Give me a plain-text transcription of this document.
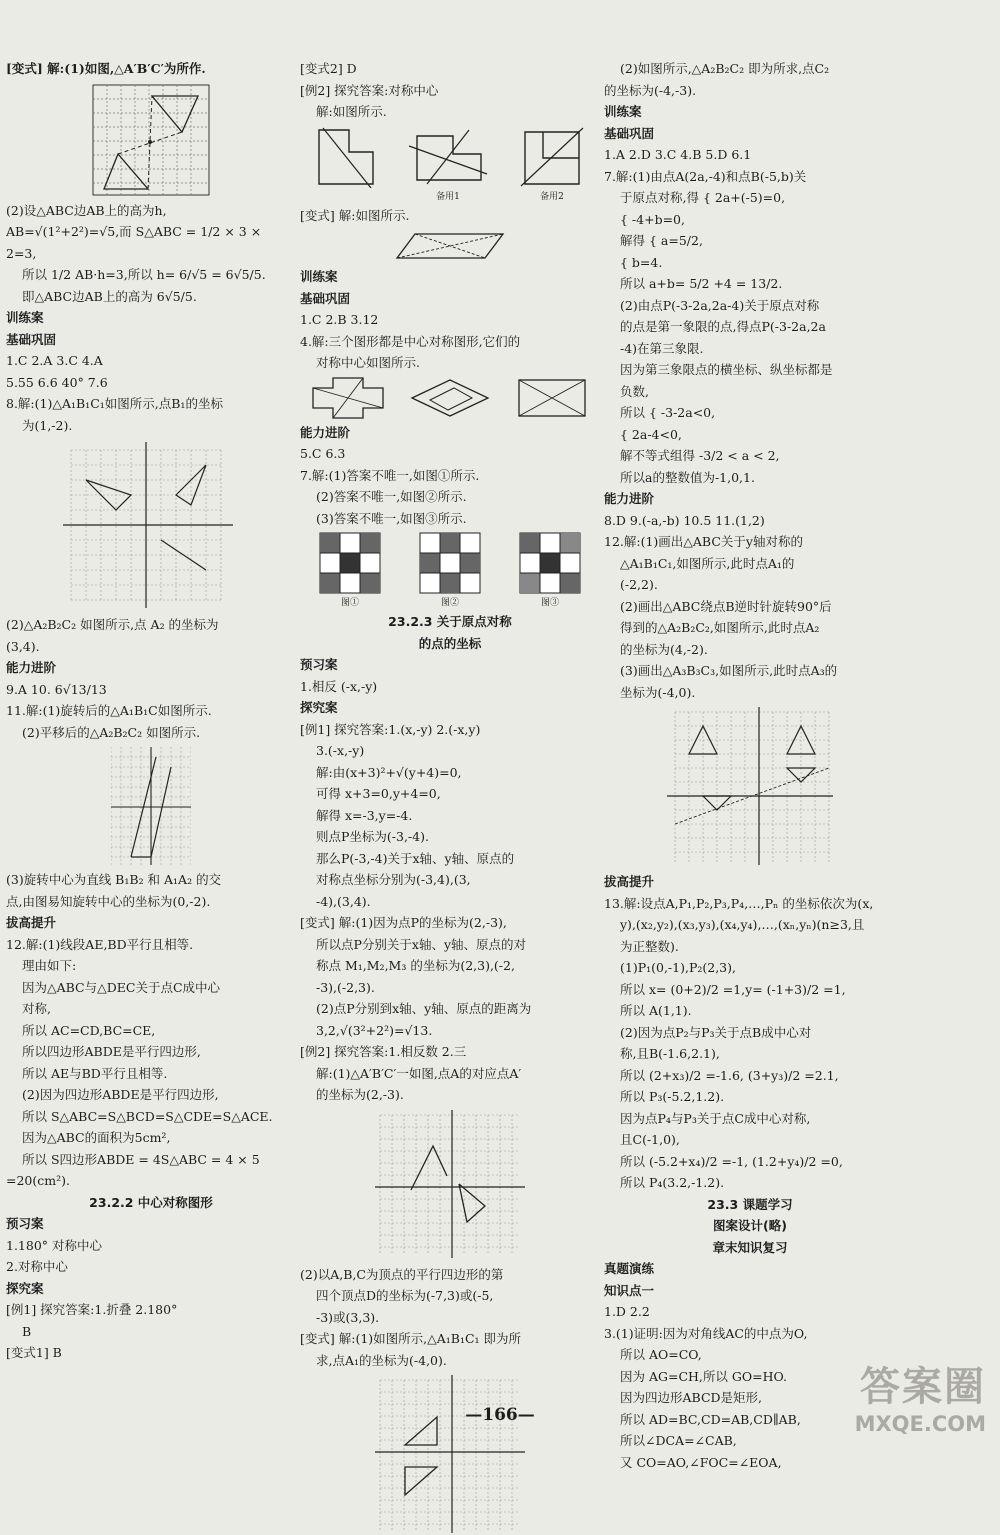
[变式] 解:(1)如图,△A′B′C′为所作.

(2)设△ABC边AB上的高为h,

AB=√(1²+2²)=√5,而 S△ABC = 1/2 × 3 ×

2=3,

所以 1/2 AB·h=3,所以 h= 6/√5 = 6√5/5.

即△ABC边AB上的高为 6√5/5.

训练案

基础巩固

1.C 2.A 3.C 4.A

5.55 6.6 40° 7.6

8.解:(1)△A₁B₁C₁如图所示,点B₁的坐标

为(1,-2).

(2)△A₂B₂C₂ 如图所示,点 A₂ 的坐标为

(3,4).

能力进阶

9.A 10. 6√13/13

11.解:(1)旋转后的△A₁B₁C如图所示.

(2)平移后的△A₂B₂C₂ 如图所示.

(3)旋转中心为直线 B₁B₂ 和 A₁A₂ 的交

点,由图易知旋转中心的坐标为(0,-2).

拔高提升

12.解:(1)线段AE,BD平行且相等.

理由如下:

因为△ABC与△DEC关于点C成中心

对称,

所以 AC=CD,BC=CE,

所以四边形ABDE是平行四边形,

所以 AE与BD平行且相等.

(2)因为四边形ABDE是平行四边形,

所以 S△ABC=S△BCD=S△CDE=S△ACE.

因为△ABC的面积为5cm²,

所以 S四边形ABDE = 4S△ABC = 4 × 5

=20(cm²).

23.2.2 中心对称图形

预习案

1.180° 对称中心

2.对称中心

探究案

[例1] 探究答案:1.折叠 2.180°

B

[变式1] B

[变式2] D

[例2] 探究答案:对称中心

解:如图所示.

备用1	备用2

[变式] 解:如图所示.

训练案

基础巩固

1.C 2.B 3.12

4.解:三个图形都是中心对称图形,它们的

对称中心如图所示.

能力进阶

5.C 6.3

7.解:(1)答案不唯一,如图①所示.

(2)答案不唯一,如图②所示.

(3)答案不唯一,如图③所示.

图①	图②	图③

23.2.3 关于原点对称

的点的坐标

预习案

1.相反 (-x,-y)

探究案

[例1] 探究答案:1.(x,-y) 2.(-x,y)

3.(-x,-y)

解:由(x+3)²+√(y+4)=0,

可得 x+3=0,y+4=0,

解得 x=-3,y=-4.

则点P坐标为(-3,-4).

那么P(-3,-4)关于x轴、y轴、原点的

对称点坐标分别为(-3,4),(3,

-4),(3,4).

[变式] 解:(1)因为点P的坐标为(2,-3),

所以点P分别关于x轴、y轴、原点的对

称点 M₁,M₂,M₃ 的坐标为(2,3),(-2,

-3),(-2,3).

(2)点P分别到x轴、y轴、原点的距离为

3,2,√(3²+2²)=√13.

[例2] 探究答案:1.相反数 2.三

解:(1)△A′B′C′一如图,点A的对应点A′

的坐标为(2,-3).

(2)以A,B,C为顶点的平行四边形的第

四个顶点D的坐标为(-7,3)或(-5,

-3)或(3,3).

[变式] 解:(1)如图所示,△A₁B₁C₁ 即为所

求,点A₁的坐标为(-4,0).

(2)如图所示,△A₂B₂C₂ 即为所求,点C₂

的坐标为(-4,-3).

训练案

基础巩固

1.A 2.D 3.C 4.B 5.D 6.1

7.解:(1)由点A(2a,-4)和点B(-5,b)关

于原点对称,得 { 2a+(-5)=0,

{ -4+b=0,

解得 { a=5/2,

{ b=4.

所以 a+b= 5/2 +4 = 13/2.

(2)由点P(-3-2a,2a-4)关于原点对称

的点是第一象限的点,得点P(-3-2a,2a

-4)在第三象限.

因为第三象限点的横坐标、纵坐标都是

负数,

所以 { -3-2a<0,

{ 2a-4<0,

解不等式组得 -3/2 < a < 2,

所以a的整数值为-1,0,1.

能力进阶

8.D 9.(-a,-b) 10.5 11.(1,2)

12.解:(1)画出△ABC关于y轴对称的

△A₁B₁C₁,如图所示,此时点A₁的

(-2,2).

(2)画出△ABC绕点B逆时针旋转90°后

得到的△A₂B₂C₂,如图所示,此时点A₂

的坐标为(4,-2).

(3)画出△A₃B₃C₃,如图所示,此时点A₃的

坐标为(-4,0).

拔高提升

13.解:设点A,P₁,P₂,P₃,P₄,…,Pₙ 的坐标依次为(x,

y),(x₂,y₂),(x₃,y₃),(x₄,y₄),…,(xₙ,yₙ)(n≥3,且

为正整数).

(1)P₁(0,-1),P₂(2,3),

所以 x= (0+2)/2 =1,y= (-1+3)/2 =1,

所以 A(1,1).

(2)因为点P₂与P₃关于点B成中心对

称,且B(-1.6,2.1),

所以 (2+x₃)/2 =-1.6, (3+y₃)/2 =2.1,

所以 P₃(-5.2,1.2).

因为点P₄与P₃关于点C成中心对称,

且C(-1,0),

所以 (-5.2+x₄)/2 =-1, (1.2+y₄)/2 =0,

所以 P₄(3.2,-1.2).

23.3 课题学习

图案设计(略)

章末知识复习

真题演练

知识点一

1.D 2.2

3.(1)证明:因为对角线AC的中点为O,

所以 AO=CO,

因为 AG=CH,所以 GO=HO.

因为四边形ABCD是矩形,

所以 AD=BC,CD=AB,CD∥AB,

所以∠DCA=∠CAB,

又 CO=AO,∠FOC=∠EOA,

—166—
答案圈
MXQE.COM
